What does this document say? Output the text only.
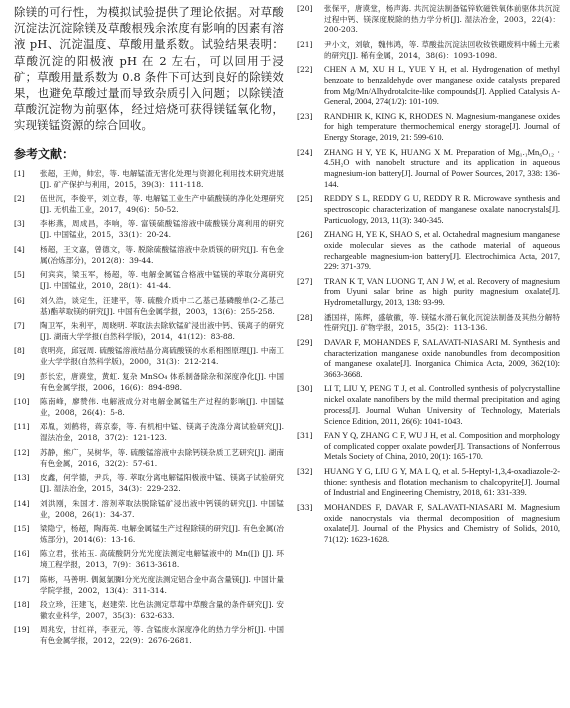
除镁的可行性，为模拟试验提供了理论依据。对草酸沉淀法沉淀除镁及草酸根残余浓度有影响的因素有溶液 pH、沉淀温度、草酸用量系数。试验结果表明：草酸沉淀的阳极液 pH 在 2 左右，可以回用于浸矿；草酸用量系数为 0.8 条件下可达到良好的除镁效果，也避免草酸过量而导致杂质引入问题；以除镁渣草酸沉淀物为前驱体，经过焙烧可获得镁锰氧化物，实现镁锰资源的综合回收。

参考文献：
[1]	张超，王帅，帅宏，等. 电解锰渣无害化处理与资源化利用技术研究进展[J]. 矿产保护与利用，2015，39(3)：111-118.
[2]	伍世沉，李俊平，刘立春，等. 电解锰工业生产中硫酸镁的净化处理研究[J]. 无机盐工业，2017，49(6)：50-52.
[3]	李彬燕，周成昌，李响，等. 富镁硫酸锰溶液中硫酸镁分离利用的研究[J]. 中国锰业，2015，33(1)：20-24.
[4]	杨超，王文嘉，曾德文，等. 脱除硫酸锰溶液中杂质镁的研究[J]. 有色金属(冶炼部分)，2012(8)：39-44.
[5]	何宾宾，梁玉军，杨超，等. 电解金属锰合格液中锰镁的萃取分离研究[J]. 中国锰业，2010，28(1)：41-44.
[6]	刘久浩，谈定生，汪建平，等. 硫酸介质中二乙基己基磷酸单(2-乙基己基)酯萃取镁的研究[J]. 中国有色金属学报，2003，13(6)：255-258.
[7]	陶卫军，朱利平，周晓明. 萃取法去除软锰矿浸出液中钙、镁离子的研究[J]. 湖南大学学报(自然科学版)，2014，41(12)：83-88.
[8]	袁明亮，邱冠周. 硫酸锰溶液结晶分离硫酸镁的水系相图原理[J]. 中南工业大学学报(自然科学版)，2000，31(3)：212-214.
[9]	彭长宏，唐谟堂，黄虹. 复杂 MnSO₄ 体系制备除杂和深度净化[J]. 中国有色金属学报，2006，16(6)：894-898.
[10]	陈南峰，廖赞伟. 电解液成分对电解金属锰生产过程的影响[J]. 中国锰业，2008，26(4)：5-8.
[11]	邓胤，刘鹤将，蒋京泰，等. 有机相中锰、镁离子洗涤分离试验研究[J]. 湿法冶金，2018，37(2)：121-123.
[12]	苏静，熊广，吴树华，等. 硫酸锰溶液中去除钙镁杂质工艺研究[J]. 湖南有色金属，2016，32(2)：57-61.
[13]	皮鑫，何学德，尹兵，等. 萃取分离电解锰阳极液中锰、镁离子试验研究[J]. 湿法冶金，2015，34(3)：229-232.
[14]	刘洪刚，朱国才. 溶剂萃取法脱除锰矿浸出液中钙镁的研究[J]. 中国锰业，2008，26(1)：34-37.
[15]	梁隐宁，杨超，陶海英. 电解金属锰生产过程除镁的研究[J]. 有色金属(冶炼部分)，2014(6)：13-16.
[16]	陈立君，张祐玉. 高硫酸阴分光光度法测定电解锰液中的 Mn([]) [J]. 环境工程学报，2013，7(9)：3613-3618.
[17]	陈彬，马善明. 偶氮氯膦Ⅰ分光光度法测定铝合金中高含量镁[J]. 中国计量学院学报，2002，13(4)：311-314.
[18]	段立珍，汪建飞，赵建荣. 比色法测定草莓中草酸含量的条件研究[J]. 安徽农业科学，2007，35(3)：632-633.
[19]	周兆安，甘红祥，李亚元，等. 含锰废水深度净化的热力学分析[J]. 中国有色金属学报，2012，22(9)：2676-2681.
[20]	张保平，唐谟堂，杨声海. 共沉淀法制备锰锌软磁铁氧体前驱体共沉淀过程中钙、镁深度脱除的热力学分析[J]. 湿法冶金，2003，22(4)：200-203.
[21]	尹小文，刘敏，魏伟鸿，等. 草酸盐沉淀法回收钕铁硼废料中稀土元素的研究[J]. 稀有金属，2014，38(6)：1093-1098.
[22]	CHEN A M, XU H L, YUE Y H, et al. Hydrogenation of methyl benzoate to benzaldehyde over manganese oxide catalysts prepared from Mg/Mn/Alhydrotalcite-like compounds[J]. Applied Catalysis A-General, 2004, 274(1/2): 101-109.
[23]	RANDHIR K, KING K, RHODES N. Magnesium-manganese oxides for high temperature thermochemical energy storage[J]. Journal of Energy Storage, 2019, 21: 599-610.
[24]	ZHANG H Y, YE K, HUANG X M. Preparation of Mg₁.₁Mn₆O₁₂ · 4.5H₂O with nanobelt structure and its application in aqueous magnesium-ion battery[J]. Journal of Power Sources, 2017, 338: 136-144.
[25]	REDDY S L, REDDY G U, REDDY R R. Microwave synthesis and spectroscopic characterization of manganese oxalate nanocrystals[J]. Particuology, 2013, 11(3): 340-345.
[26]	ZHANG H, YE K, SHAO S, et al. Octahedral magnesium manganese oxide molecular sieves as the cathode material of aqueous rechargeable magnesium-ion battery[J]. Electrochimica Acta, 2017, 229: 371-379.
[27]	TRAN K T, VAN LUONG T, AN J W, et al. Recovery of magnesium from Uyuni salar brine as high purity magnesium oxalate[J]. Hydrometallurgy, 2013, 138: 93-99.
[28]	潘国祥，陈辉，盛敏徽，等. 镁锰水滑石氧化沉淀法制备及其热分解特性研究[J]. 矿物学报，2015，35(2)：113-136.
[29]	DAVAR F, MOHANDES F, SALAVATI-NIASARI M. Synthesis and characterization manganese oxide nanobundles from decomposition of manganese oxalate[J]. Inorganica Chimica Acta, 2009, 362(10): 3663-3668.
[30]	LI T, LIU Y, PENG T J, et al. Controlled synthesis of polycrystalline nickel oxalate nanofibers by the mild thermal precipitation and aging process[J]. Journal Wuhan University of Technology, Materials Science Edition, 2011, 26(6): 1041-1043.
[31]	FAN Y Q, ZHANG C F, WU J H, et al. Composition and morphology of complicated copper oxalate powder[J]. Transactions of Nonferrous Metals Society of China, 2010, 20(1): 165-170.
[32]	HUANG Y G, LIU G Y, MA L Q, et al. 5-Heptyl-1,3,4-oxadiazole-2-thione: synthesis and flotation mechanism to chalcopyrite[J]. Journal of Industrial and Engineering Chemistry, 2018, 61: 331-339.
[33]	MOHANDES F, DAVAR F, SALAVATI-NIASARI M. Magnesium oxide nanocrystals via thermal decomposition of magnesium oxalate[J]. Journal of the Physics and Chemistry of Solids, 2010, 71(12): 1623-1628.
